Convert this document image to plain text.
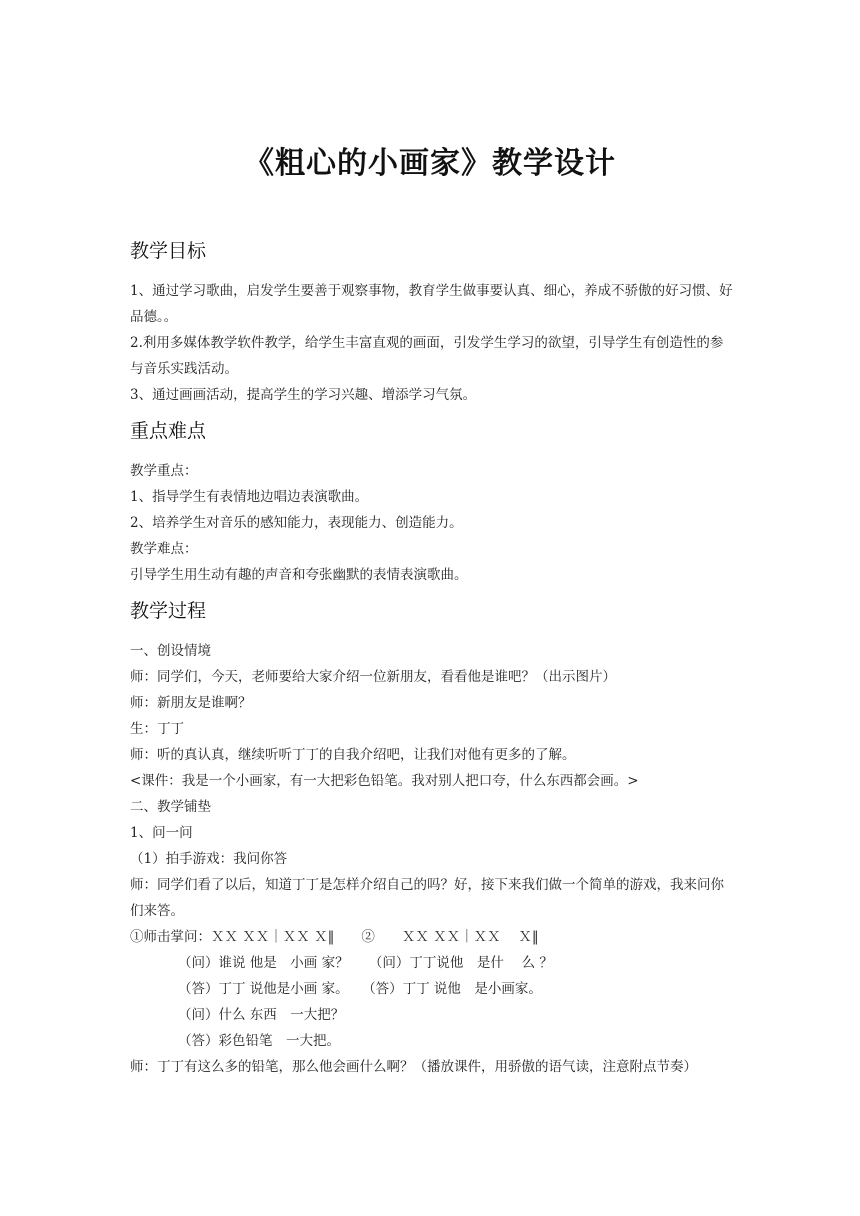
《粗心的小画家》教学设计
教学目标

1、通过学习歌曲，启发学生要善于观察事物，教育学生做事要认真、细心，养成不骄傲的好习惯、好品德。。

2.利用多媒体教学软件教学，给学生丰富直观的画面，引发学生学习的欲望，引导学生有创造性的参与音乐实践活动。

3、通过画画活动，提高学生的学习兴趣、增添学习气氛。

重点难点

教学重点：

1、指导学生有表情地边唱边表演歌曲。

2、培养学生对音乐的感知能力，表现能力、创造能力。

教学难点：

引导学生用生动有趣的声音和夸张幽默的表情表演歌曲。

教学过程

一、创设情境

师：同学们，今天，老师要给大家介绍一位新朋友，看看他是谁吧？（出示图片）

师：新朋友是谁啊？

生：丁丁

师：听的真认真，继续听听丁丁的自我介绍吧，让我们对他有更多的了解。

<课件：我是一个小画家，有一大把彩色铅笔。我对别人把口夸，什么东西都会画。>

二、教学铺垫

1、问一问

（1）拍手游戏：我问你答

师：同学们看了以后，知道丁丁是怎样介绍自己的吗？好，接下来我们做一个简单的游戏，我来问你们来答。

①师击掌问：ＸＸ ＸＸ｜ＸＸ Ｘ‖　　②　　ＸＸ ＸＸ｜ＸＸ　 Ｘ‖

（问）谁说 他是　小画 家？　　（问）丁丁说他　是什　 么 ？

（答）丁丁 说他是小画 家。　　（答）丁丁 说他　是小画家。

（问）什么 东西　一大把？

（答）彩色铅笔　一大把。

师：丁丁有这么多的铅笔，那么他会画什么啊？（播放课件，用骄傲的语气读，注意附点节奏）
